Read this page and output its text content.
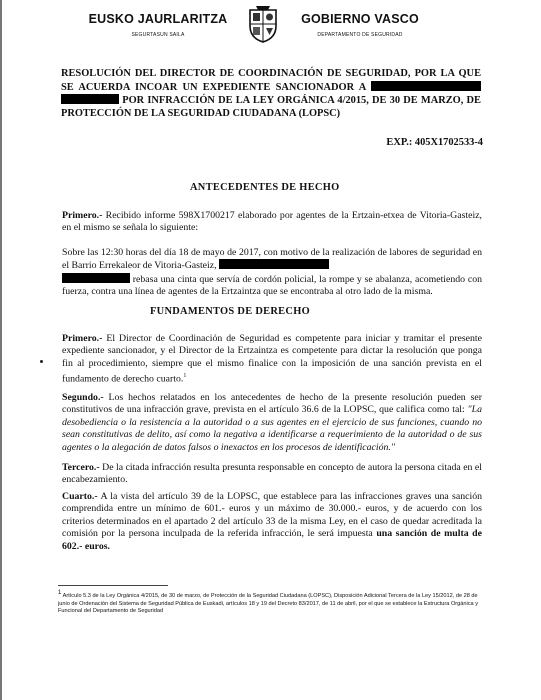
EUSKO JAURLARITZA
SEGURTASUN SAILA
GOBIERNO VASCO
DEPARTAMENTO DE SEGURIDAD
RESOLUCIÓN DEL DIRECTOR DE COORDINACIÓN DE SEGURIDAD, POR LA QUE SE ACUERDA INCOAR UN EXPEDIENTE SANCIONADOR A   POR INFRACCIÓN DE LA LEY ORGÁNICA 4/2015, DE 30 DE MARZO, DE PROTECCIÓN DE LA SEGURIDAD CIUDADANA (LOPSC)
EXP.: 405X1702533-4
ANTECEDENTES DE HECHO
Primero.- Recibido informe 598X1700217 elaborado por agentes de la Ertzain-etxea de Vitoria-Gasteiz, en el mismo se señala lo siguiente:
Sobre las 12:30 horas del día 18 de mayo de 2017, con motivo de la realización de labores de seguridad en el Barrio Errekaleor de Vitoria-Gasteiz,
rebasa una cinta que servía de cordón policial, la rompe y se abalanza, acometiendo con fuerza, contra una línea de agentes de la Ertzaintza que se encontraba al otro lado de la misma.
FUNDAMENTOS DE DERECHO
Primero.- El Director de Coordinación de Seguridad es competente para iniciar y tramitar el presente expediente sancionador, y el Director de la Ertzaintza es competente para dictar la resolución que ponga fin al procedimiento, siempre que el mismo finalice con la imposición de una sanción prevista en el fundamento de derecho cuarto.$^1$
Segundo.- Los hechos relatados en los antecedentes de hecho de la presente resolución pueden ser constitutivos de una infracción grave, prevista en el artículo 36.6 de la LOPSC, que califica como tal: "La desobediencia o la resistencia a la autoridad o a sus agentes en el ejercicio de sus funciones, cuando no sean constitutivas de delito, así como la negativa a identificarse a requerimiento de la autoridad o de sus agentes o la alegación de datos falsos o inexactos en los procesos de identificación."
Tercero.- De la citada infracción resulta presunta responsable en concepto de autora la persona citada en el encabezamiento.
Cuarto.- A la vista del artículo 39 de la LOPSC, que establece para las infracciones graves una sanción comprendida entre un mínimo de 601.- euros y un máximo de 30.000.- euros, y de acuerdo con los criterios determinados en el apartado 2 del artículo 33 de la misma Ley, en el caso de quedar acreditada la comisión por la persona inculpada de la referida infracción, le será impuesta una sanción de multa de 602.- euros.
$^1$ Artículo 5.3 de la Ley Orgánica 4/2015, de 30 de marzo, de Protección de la Seguridad Ciudadana (LOPSC), Disposición Adicional Tercera de la Ley 15/2012, de 28 de junio de Ordenación del Sistema de Seguridad Pública de Euskadi, artículos 18 y 19 del Decreto 83/2017, de 11 de abril, por el que se establece la Estructura Orgánica y Funcional del Departamento de Seguridad
